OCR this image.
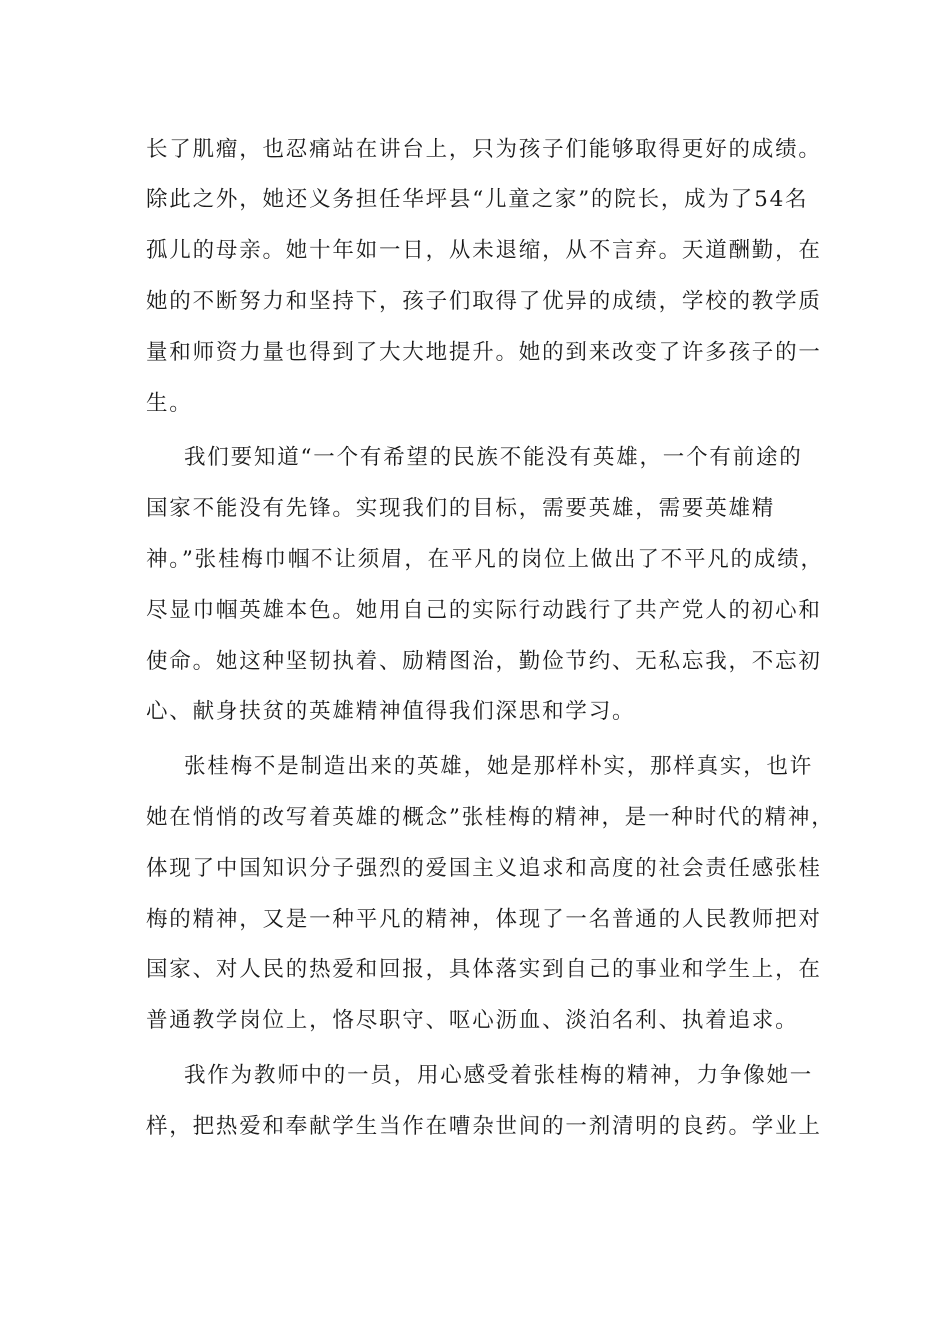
长了肌瘤，也忍痛站在讲台上，只为孩子们能够取得更好的成绩。
除此之外，她还义务担任华坪县“儿童之家”的院长，成为了54名
孤儿的母亲。她十年如一日，从未退缩，从不言弃。天道酬勤，在
她的不断努力和坚持下，孩子们取得了优异的成绩，学校的教学质
量和师资力量也得到了大大地提升。她的到来改变了许多孩子的一
生。
我们要知道“一个有希望的民族不能没有英雄，一个有前途的
国家不能没有先锋。实现我们的目标，需要英雄，需要英雄精
神。”张桂梅巾帼不让须眉，在平凡的岗位上做出了不平凡的成绩，
尽显巾帼英雄本色。她用自己的实际行动践行了共产党人的初心和
使命。她这种坚韧执着、励精图治，勤俭节约、无私忘我，不忘初
心、献身扶贫的英雄精神值得我们深思和学习。
张桂梅不是制造出来的英雄，她是那样朴实，那样真实，也许
她在悄悄的改写着英雄的概念”张桂梅的精神，是一种时代的精神，
体现了中国知识分子强烈的爱国主义追求和高度的社会责任感张桂
梅的精神，又是一种平凡的精神，体现了一名普通的人民教师把对
国家、对人民的热爱和回报，具体落实到自己的事业和学生上，在
普通教学岗位上，恪尽职守、呕心沥血、淡泊名利、执着追求。
我作为教师中的一员，用心感受着张桂梅的精神，力争像她一
样，把热爱和奉献学生当作在嘈杂世间的一剂清明的良药。学业上
